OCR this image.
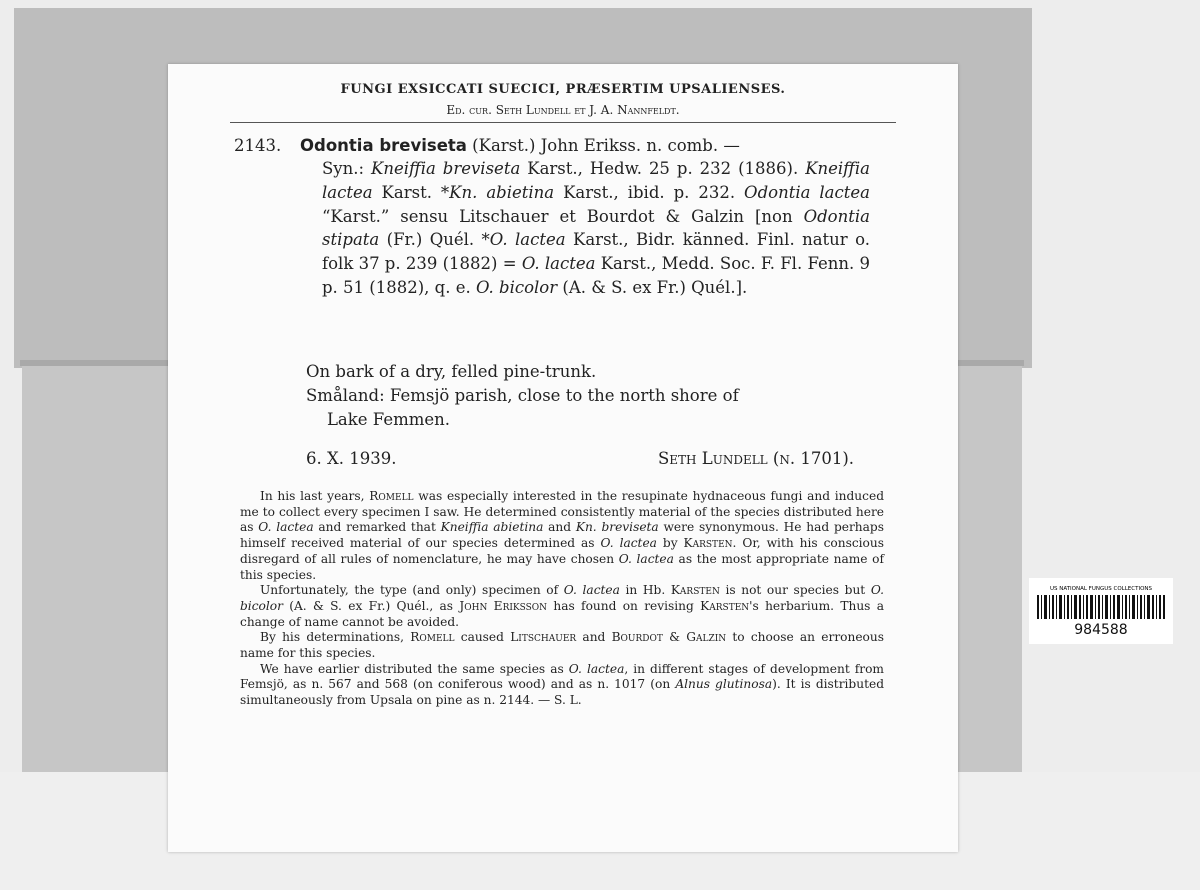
FUNGI EXSICCATI SUECICI, PRÆSERTIM UPSALIENSES.
Ed. cur. Seth Lundell et J. A. Nannfeldt.
2143. Odontia breviseta (Karst.) John Erikss. n. comb. —
Syn.: Kneiffia breviseta Karst., Hedw. 25 p. 232 (1886). Kneiffia lactea Karst. *Kn. abietina Karst., ibid. p. 232. Odontia lactea “Karst.” sensu Litschauer et Bourdot & Galzin [non Odontia stipata (Fr.) Quél. *O. lactea Karst., Bidr. känned. Finl. natur o. folk 37 p. 239 (1882) = O. lactea Karst., Medd. Soc. F. Fl. Fenn. 9 p. 51 (1882), q. e. O. bicolor (A. & S. ex Fr.) Quél.].
On bark of a dry, felled pine-trunk.
Småland: Femsjö parish, close to the north shore of
Lake Femmen.
6. X. 1939.	Seth Lundell (n. 1701).

In his last years, Romell was especially interested in the resupinate hydnaceous fungi and induced me to collect every specimen I saw. He determined consistently material of the species distributed here as O. lactea and remarked that Kneiffia abietina and Kn. breviseta were synonymous. He had perhaps himself received material of our species determined as O. lactea by Karsten. Or, with his conscious disregard of all rules of nomenclature, he may have chosen O. lactea as the most appropriate name of this species.

Unfortunately, the type (and only) specimen of O. lactea in Hb. Karsten is not our species but O. bicolor (A. & S. ex Fr.) Quél., as John Eriksson has found on revising Karsten's herbarium. Thus a change of name cannot be avoided.

By his determinations, Romell caused Litschauer and Bourdot & Galzin to choose an erroneous name for this species.

We have earlier distributed the same species as O. lactea, in different stages of development from Femsjö, as n. 567 and 568 (on coniferous wood) and as n. 1017 (on Alnus glutinosa). It is distributed simultaneously from Upsala on pine as n. 2144. — S. L.

US NATIONAL FUNGUS COLLECTIONS
984588
